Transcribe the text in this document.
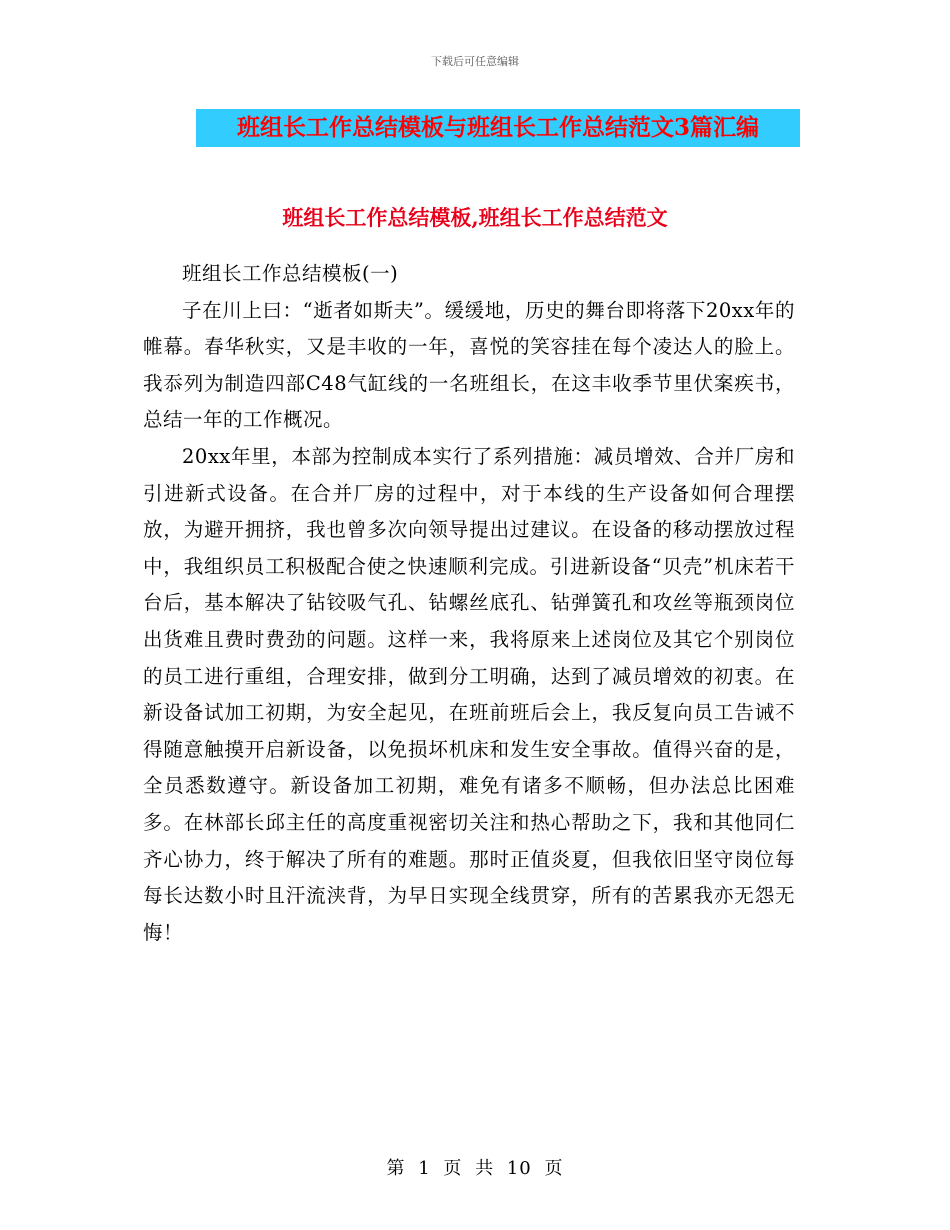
下载后可任意编辑
班组长工作总结模板与班组长工作总结范文3篇汇编
班组长工作总结模板,班组长工作总结范文

班组长工作总结模板(一)

子在川上曰：“逝者如斯夫”。缓缓地，历史的舞台即将落下20xx年的帷幕。春华秋实，又是丰收的一年，喜悦的笑容挂在每个凌达人的脸上。我忝列为制造四部C48气缸线的一名班组长，在这丰收季节里伏案疾书，总结一年的工作概况。

20xx年里，本部为控制成本实行了系列措施：减员增效、合并厂房和引进新式设备。在合并厂房的过程中，对于本线的生产设备如何合理摆放，为避开拥挤，我也曾多次向领导提出过建议。在设备的移动摆放过程中，我组织员工积极配合使之快速顺利完成。引进新设备“贝壳”机床若干台后，基本解决了钻铰吸气孔、钻螺丝底孔、钻弹簧孔和攻丝等瓶颈岗位出货难且费时费劲的问题。这样一来，我将原来上述岗位及其它个别岗位的员工进行重组，合理安排，做到分工明确，达到了减员增效的初衷。在新设备试加工初期，为安全起见，在班前班后会上，我反复向员工告诫不得随意触摸开启新设备，以免损坏机床和发生安全事故。值得兴奋的是，全员悉数遵守。新设备加工初期，难免有诸多不顺畅，但办法总比困难多。在林部长邱主任的高度重视密切关注和热心帮助之下，我和其他同仁齐心协力，终于解决了所有的难题。那时正值炎夏，但我依旧坚守岗位每每长达数小时且汗流浃背，为早日实现全线贯穿，所有的苦累我亦无怨无悔！

第 1 页 共 10 页
